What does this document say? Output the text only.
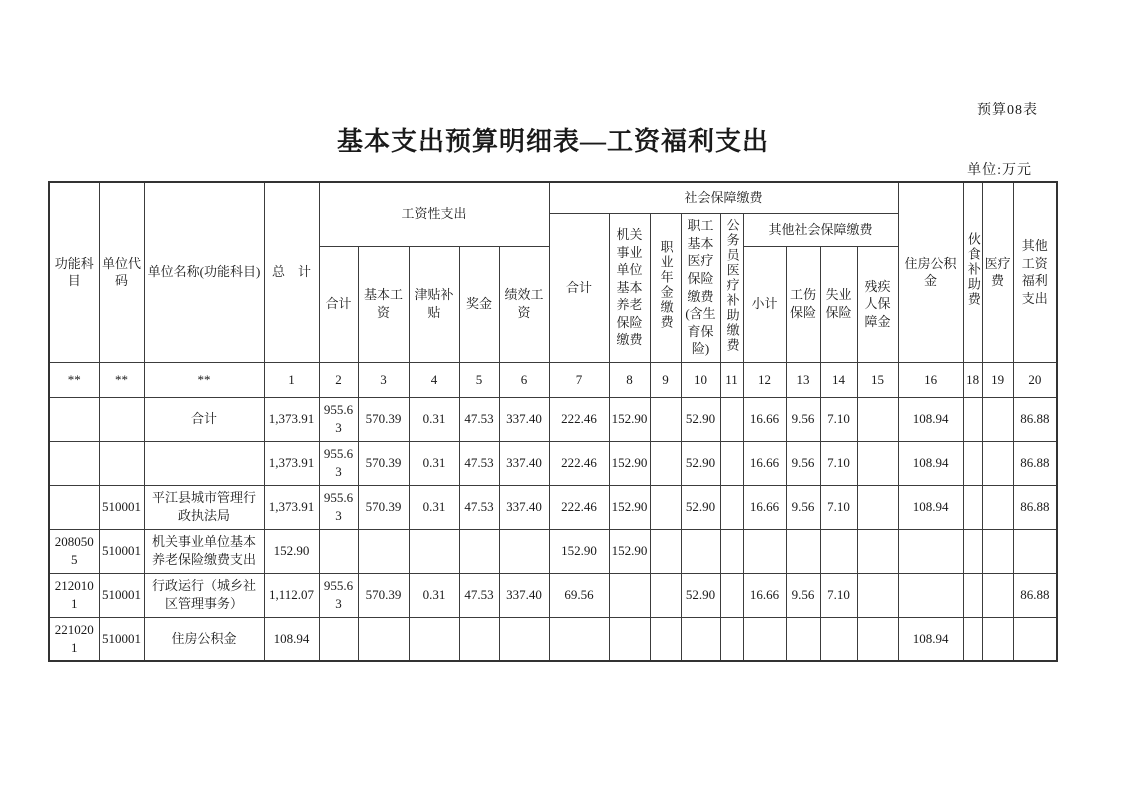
预算08表
基本支出预算明细表—工资福利支出
单位:万元
功能科目	单位代码	单位名称(功能科目)	总　计	工资性支出					社会保障缴费									住房公积金	伙食补助费	医疗费	其他工资福利支出
									合计	机关事业单位基本养老保险缴费	职业年金缴费	职工基本医疗保险缴费(含生育保险)	公务员医疗补助缴费	其他社会保障缴费							
				合计	基本工资	津贴补贴	奖金	绩效工资						小计	工伤保险	失业保险	残疾人保障金				
**	**	**	1	2	3	4	5	6	7	8	9	10	11	12	13	14	15	16	18	19	20
		合计	1,373.91	955.63	570.39	0.31	47.53	337.40	222.46	152.90		52.90		16.66	9.56	7.10		108.94			86.88
			1,373.91	955.63	570.39	0.31	47.53	337.40	222.46	152.90		52.90		16.66	9.56	7.10		108.94			86.88
	510001	平江县城市管理行政执法局	1,373.91	955.63	570.39	0.31	47.53	337.40	222.46	152.90		52.90		16.66	9.56	7.10		108.94			86.88
2080505	510001	机关事业单位基本养老保险缴费支出	152.90						152.90	152.90											
2120101	510001	行政运行（城乡社区管理事务）	1,112.07	955.63	570.39	0.31	47.53	337.40	69.56			52.90		16.66	9.56	7.10					86.88
2210201	510001	住房公积金	108.94															108.94			
